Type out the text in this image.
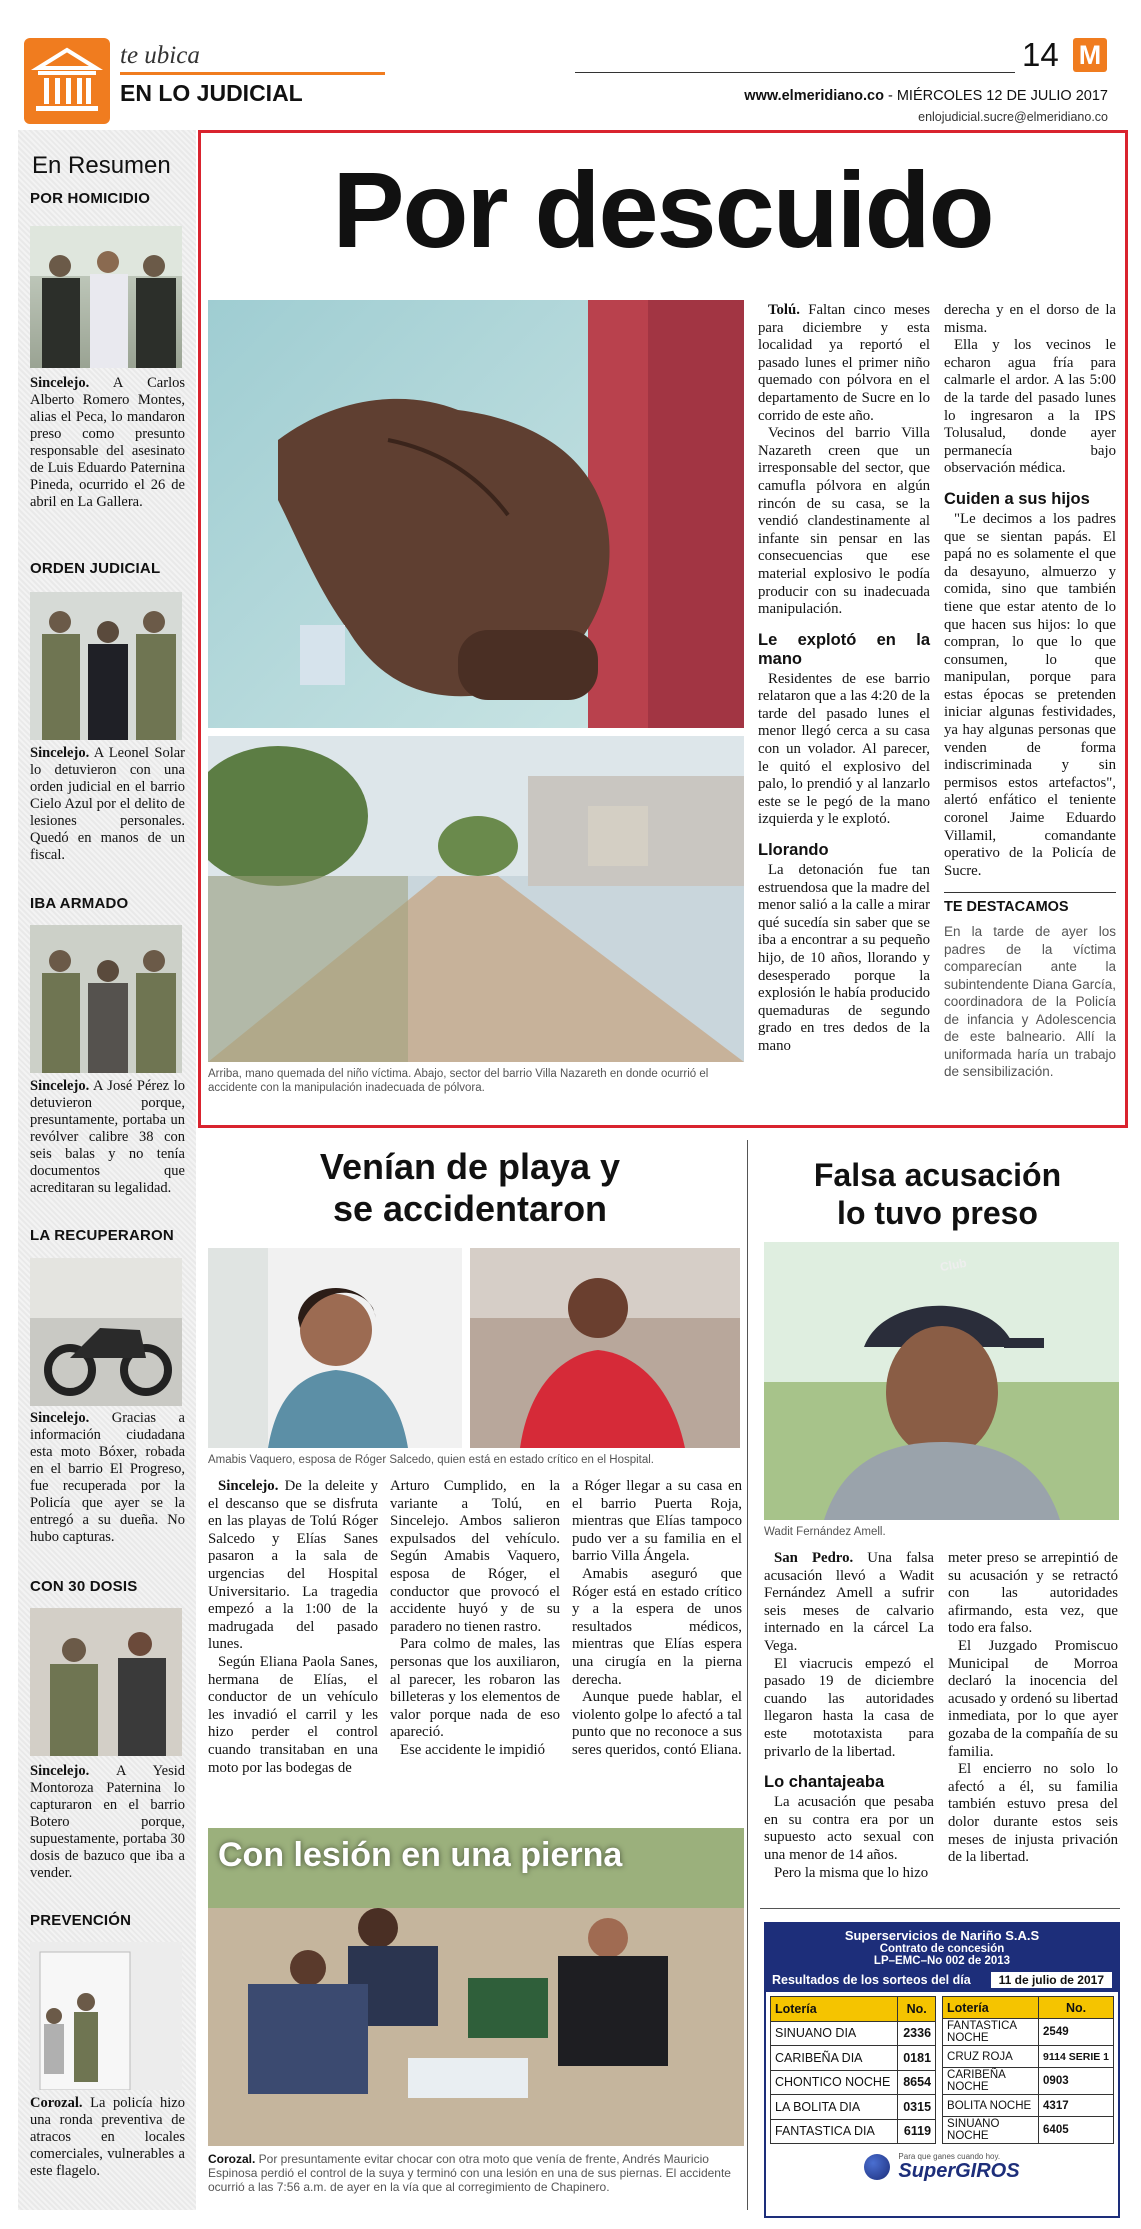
te ubica
EN LO JUDICIAL
14 M
www.elmeridiano.co - MIÉRCOLES 12 DE JULIO 2017
enlojudicial.sucre@elmeridiano.co
En Resumen
POR HOMICIDIO
Sincelejo. A Carlos Alberto Romero Montes, alias el Peca, lo mandaron preso como presunto responsable del asesinato de Luis Eduardo Paternina Pineda, ocurrido el 26 de abril en La Gallera.
ORDEN JUDICIAL
Sincelejo. A Leonel Solar lo detuvieron con una orden judicial en el barrio Cielo Azul por el delito de lesiones personales. Quedó en manos de un fiscal.
IBA ARMADO
Sincelejo. A José Pérez lo detuvieron porque, presuntamente, portaba un revólver calibre 38 con seis balas y no tenía documentos que acreditaran su legalidad.
LA RECUPERARON
Sincelejo. Gracias a información ciudadana esta moto Bóxer, robada en el barrio El Progreso, fue recuperada por la Policía que ayer se la entregó a su dueña. No hubo capturas.
CON 30 DOSIS
Sincelejo. A Yesid Montoroza Paternina lo capturaron en el barrio Botero porque, supuestamente, portaba 30 dosis de bazuco que iba a vender.
PREVENCIÓN
Corozal. La policía hizo una ronda preventiva de atracos en locales comerciales, vulnerables a este flagelo.
Por descuido
Arriba, mano quemada del niño víctima. Abajo, sector del barrio Villa Nazareth en donde ocurrió el accidente con la manipulación inadecuada de pólvora.

Tolú. Faltan cinco meses para diciembre y esta localidad ya reportó el pasado lunes el primer niño quemado con pólvora en el departamento de Sucre en lo corrido de este año.

Vecinos del barrio Villa Nazareth creen que un irresponsable del sector, que camufla pólvora en algún rincón de su casa, se la vendió clandestinamente al infante sin pensar en las consecuencias que ese material explosivo le podía producir con su inadecuada manipulación.

Le explotó en la mano

Residentes de ese barrio relataron que a las 4:20 de la tarde del pasado lunes el menor llegó cerca a su casa con un volador. Al parecer, le quitó el explosivo del palo, lo prendió y al lanzarlo este se le pegó de la mano izquierda y le explotó.

Llorando

La detonación fue tan estruendosa que la madre del menor salió a la calle a mirar qué sucedía sin saber que se iba a encontrar a su pequeño hijo, de 10 años, llorando y desesperado porque la explosión le había producido quemaduras de segundo grado en tres dedos de la mano

derecha y en el dorso de la misma.

Ella y los vecinos le echaron agua fría para calmarle el ardor. A las 5:00 de la tarde del pasado lunes lo ingresaron a la IPS Tolusalud, donde ayer permanecía bajo observación médica.

Cuiden a sus hijos

"Le decimos a los padres que se sientan papás. El papá no es solamente el que da desayuno, almuerzo y comida, sino que también tiene que estar atento de lo que hacen sus hijos: lo que compran, lo que lo que consumen, lo que manipulan, porque para estas épocas se pretenden iniciar algunas festividades, ya hay algunas personas que venden de forma indiscriminada y sin permisos estos artefactos", alertó enfático el teniente coronel Jaime Eduardo Villamil, comandante operativo de la Policía de Sucre.

TE DESTACAMOS
En la tarde de ayer los padres de la víctima comparecían ante la subintendente Diana García, coordinadora de la Policía de infancia y Adolescencia de este balneario. Allí la uniformada haría un trabajo de sensibilización.
Venían de playa y
se accidentaron
Amabis Vaquero, esposa de Róger Salcedo, quien está en estado crítico en el Hospital.

Sincelejo. De la deleite y el descanso que se disfruta en las playas de Tolú Róger Salcedo y Elías Sanes pasaron a la sala de urgencias del Hospital Universitario. La tragedia empezó a la 1:00 de la madrugada del pasado lunes.

Según Eliana Paola Sanes, hermana de Elías, el conductor de un vehículo les invadió el carril y les hizo perder el control cuando transitaban en una moto por las bodegas de

Arturo Cumplido, en la variante a Tolú, en Sincelejo. Ambos salieron expulsados del vehículo. Según Amabis Vaquero, esposa de Róger, el conductor que provocó el accidente huyó y de su paradero no tienen rastro.

Para colmo de males, las personas que los auxiliaron, al parecer, les robaron las billeteras y los elementos de valor porque nada de eso apareció.

Ese accidente le impidió

a Róger llegar a su casa en el barrio Puerta Roja, mientras que Elías tampoco pudo ver a su familia en el barrio Villa Ángela.

Amabis aseguró que Róger está en estado crítico y a la espera de unos resultados médicos, mientras que Elías espera una cirugía en la pierna derecha.

Aunque puede hablar, el violento golpe lo afectó a tal punto que no reconoce a sus seres queridos, contó Eliana.

Con lesión en una pierna
Corozal. Por presuntamente evitar chocar con otra moto que venía de frente, Andrés Mauricio Espinosa perdió el control de la suya y terminó con una lesión en una de sus piernas. El accidente ocurrió a las 7:56 a.m. de ayer en la vía que al corregimiento de Chapinero.
Falsa acusación
lo tuvo preso
Club
Wadit Fernández Amell.

San Pedro. Una falsa acusación llevó a Wadit Fernández Amell a sufrir seis meses de calvario internado en la cárcel La Vega.

El viacrucis empezó el pasado 19 de diciembre cuando las autoridades llegaron hasta la casa de este mototaxista para privarlo de la libertad.

Lo chantajeaba

La acusación que pesaba en su contra era por un supuesto acto sexual con una menor de 14 años.

Pero la misma que lo hizo

meter preso se arrepintió de su acusación y se retractó con las autoridades afirmando, esta vez, que todo era falso.

El Juzgado Promiscuo Municipal de Morroa declaró la inocencia del acusado y ordenó su libertad inmediata, por lo que ayer gozaba de la compañía de su familia.

El encierro no solo lo afectó a él, su familia también estuvo presa del dolor durante estos seis meses de injusta privación de la libertad.

Superservicios de Nariño S.A.S
Contrato de concesión
LP–EMC–No 002 de 2013
Resultados de los sorteos del día	11 de julio de 2017
Lotería	No.
SINUANO DIA	2336
CARIBEÑA DIA	0181
CHONTICO NOCHE	8654
LA BOLITA DIA	0315
FANTASTICA DIA	6119
Lotería	No.
FANTASTICA NOCHE	2549
CRUZ ROJA	9114 SERIE 1
CARIBEÑA NOCHE	0903
BOLITA NOCHE	4317
SINUANO NOCHE	6405
Para que ganes cuando hoy.
SuperGIROS
